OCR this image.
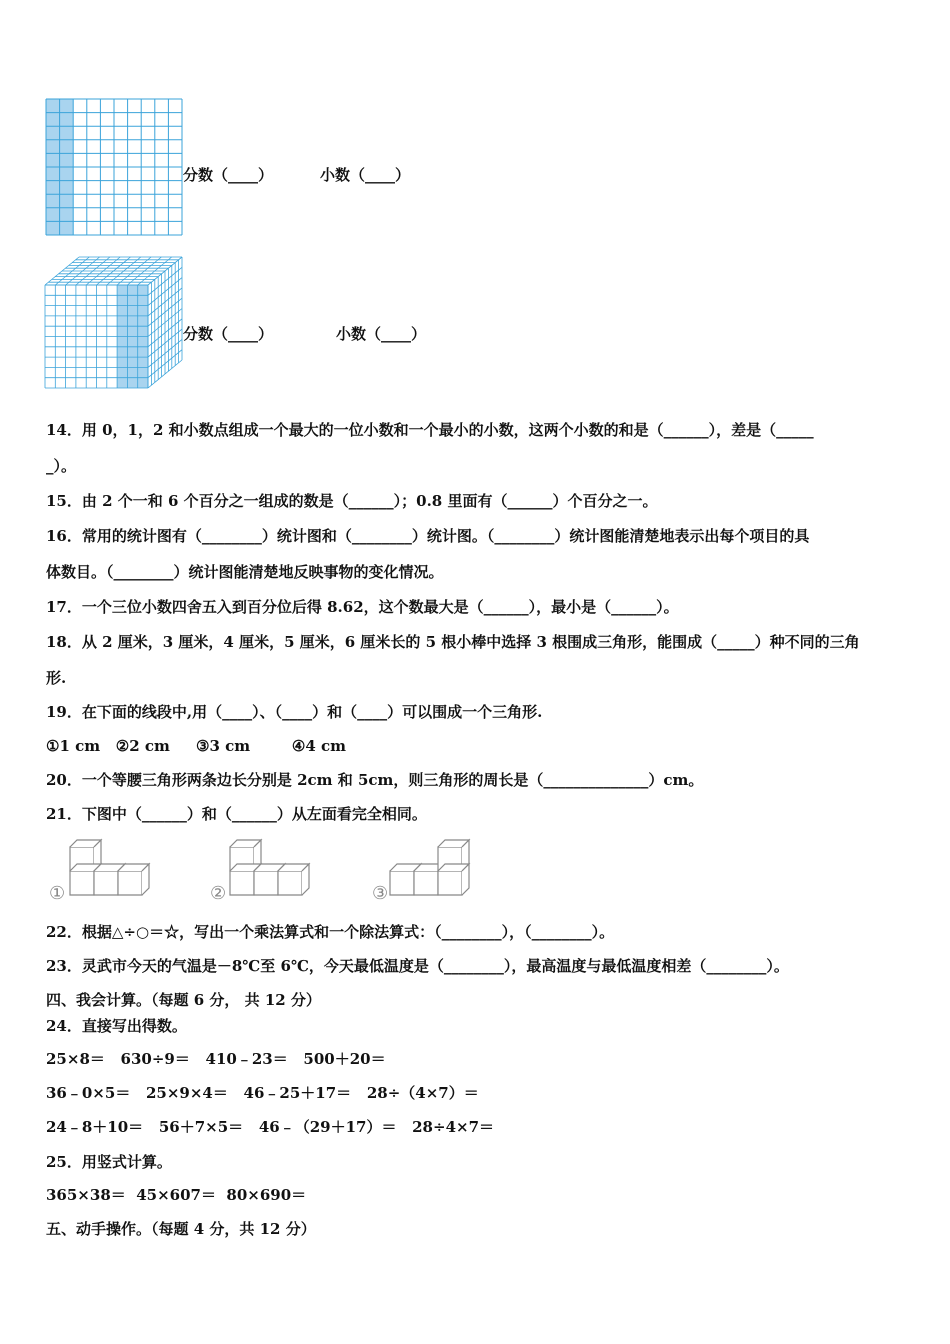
分数（____）	小数（____）
分数（____）	小数（____）
14．用 0，1，2 和小数点组成一个最大的一位小数和一个最小的小数，这两个小数的和是（______），差是（_____
_）。
15．由 2 个一和 6 个百分之一组成的数是（______）；0.8 里面有（______）个百分之一。
16．常用的统计图有（________）统计图和（________）统计图。（________）统计图能清楚地表示出每个项目的具
体数目。（________）统计图能清楚地反映事物的变化情况。
17．一个三位小数四舍五入到百分位后得 8.62，这个数最大是（______），最小是（______）。
18．从 2 厘米，3 厘米，4 厘米，5 厘米，6 厘米长的 5 根小棒中选择 3 根围成三角形，能围成（_____）种不同的三角
形.
19．在下面的线段中,用（____）、（____）和（____）可以围成一个三角形.
①1 cm   ②2 cm     ③3 cm        ④4 cm
20．一个等腰三角形两条边长分别是 2cm 和 5cm，则三角形的周长是（______________）cm。
21．下图中（______）和（______）从左面看完全相同。
①	②	③
22．根据△÷○＝☆，写出一个乘法算式和一个除法算式：（________），（________）。
23．灵武市今天的气温是－8℃至 6℃，今天最低温度是（________），最高温度与最低温度相差（________）。
四、我会计算。（每题 6 分， 共 12 分）
24．直接写出得数。
25×8＝   630÷9＝   410﹣23＝   500＋20＝
36﹣0×5＝   25×9×4＝   46﹣25＋17＝   28÷（4×7）＝
24﹣8＋10＝   56＋7×5＝   46﹣（29＋17）＝   28÷4×7＝
25．用竖式计算。
365×38＝  45×607＝  80×690＝
五、动手操作。（每题 4 分，共 12 分）
